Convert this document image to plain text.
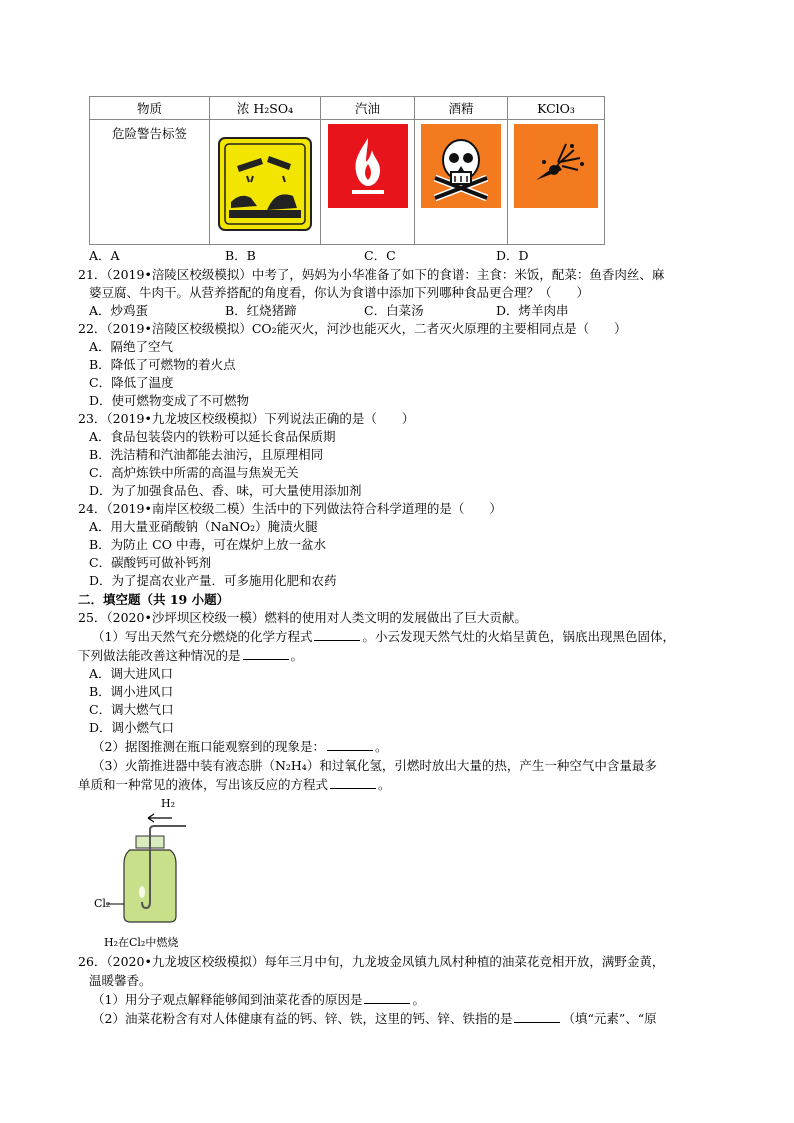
物质	浓 H₂SO₄	汽油	酒精	KClO₃

危险警告标签

A．A	B．B	C．C	D．D
21．（2019•涪陵区校级模拟）中考了，妈妈为小华准备了如下的食谱：主食：米饭，配菜：鱼香肉丝、麻
婆豆腐、牛肉干。从营养搭配的角度看，你认为食谱中添加下列哪种食品更合理？（　　）
A．炒鸡蛋	B．红烧猪蹄	C．白菜汤	D．烤羊肉串
22．（2019•涪陵区校级模拟）CO₂能灭火，河沙也能灭火，二者灭火原理的主要相同点是（　　）
A．隔绝了空气
B．降低了可燃物的着火点
C．降低了温度
D．使可燃物变成了不可燃物
23．（2019•九龙坡区校级模拟）下列说法正确的是（　　）
A．食品包装袋内的铁粉可以延长食品保质期
B．洗洁精和汽油都能去油污，且原理相同
C．高炉炼铁中所需的高温与焦炭无关
D．为了加强食品色、香、味，可大量使用添加剂
24．（2019•南岸区校级二模）生活中的下列做法符合科学道理的是（　　）
A．用大量亚硝酸钠（NaNO₂）腌渍火腿
B．为防止 CO 中毒，可在煤炉上放一盆水
C．碳酸钙可做补钙剂
D．为了提高农业产量．可多施用化肥和农药
二．填空题（共 19 小题）
25．（2020•沙坪坝区校级一模）燃料的使用对人类文明的发展做出了巨大贡献。
（1）写出天然气充分燃烧的化学方程式	。小云发现天然气灶的火焰呈黄色，锅底出现黑色固体，
下列做法能改善这种情况的是	。
A．调大进风口
B．调小进风口
C．调大燃气口
D．调小燃气口
（2）据图推测在瓶口能观察到的现象是：	。
（3）火箭推进器中装有液态肼（N₂H₄）和过氧化氢，引燃时放出大量的热，产生一种空气中含量最多
单质和一种常见的液体，写出该反应的方程式	。
H₂
Cl₂
H₂在Cl₂中燃烧
26．（2020•九龙坡区校级模拟）每年三月中旬，九龙坡金凤镇九凤村种植的油菜花竞相开放，满野金黄，
温暖馨香。
（1）用分子观点解释能够闻到油菜花香的原因是	。
（2）油菜花粉含有对人体健康有益的钙、锌、铁，这里的钙、锌、铁指的是	（填“元素”、“原
